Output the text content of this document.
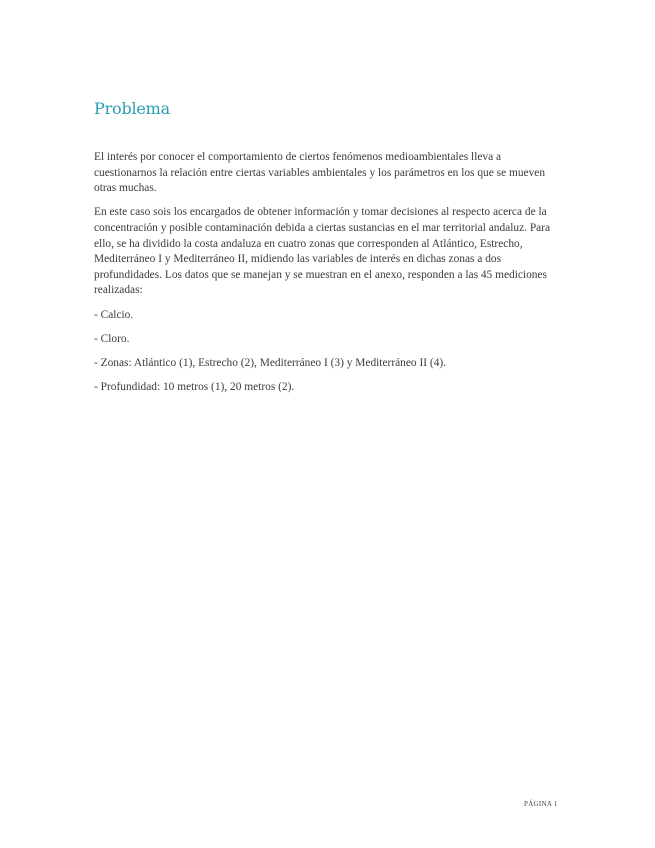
Problema

El interés por conocer el comportamiento de ciertos fenómenos medioambientales lleva a cuestionarnos la relación entre ciertas variables ambientales y los parámetros en los que se mueven otras muchas.

En este caso sois los encargados de obtener información y tomar decisiones al respecto acerca de la concentración y posible contaminación debida a ciertas sustancias en el mar territorial andaluz. Para ello, se ha dividido la costa andaluza en cuatro zonas que corresponden al Atlántico, Estrecho, Mediterráneo I y Mediterráneo II, midiendo las variables de interés en dichas zonas a dos profundidades. Los datos que se manejan y se muestran en el anexo, responden a las 45 mediciones realizadas:

- Calcio.

- Cloro.

- Zonas: Atlántico (1), Estrecho (2), Mediterráneo I (3) y Mediterráneo II (4).

- Profundidad: 10 metros (1), 20 metros (2).

PÁGINA 1
